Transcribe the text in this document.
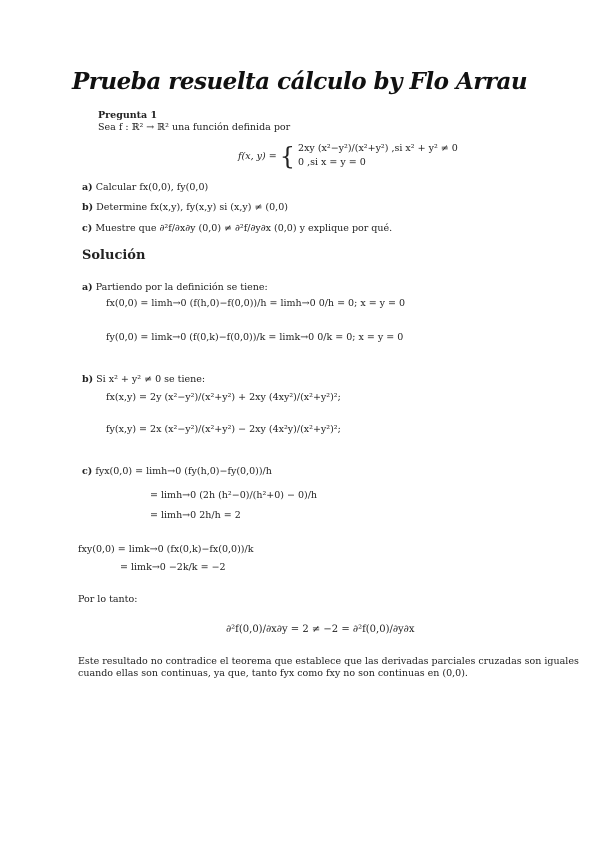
Prueba resuelta cálculo by Flo Arrau
Pregunta 1
Sea f : ℝ² → ℝ² una función definida por
f(x, y) = { 2xy (x²−y²)/(x²+y²) ,si x² + y² ≠ 0
0 ,si x = y = 0
a) Calcular fx(0,0), fy(0,0)
b) Determine fx(x,y), fy(x,y) si (x,y) ≠ (0,0)
c) Muestre que ∂²f/∂x∂y (0,0) ≠ ∂²f/∂y∂x (0,0) y explique por qué.
Solución
a) Partiendo por la definición se tiene:
fx(0,0) = limh→0 (f(h,0)−f(0,0))/h = limh→0 0/h = 0; x = y = 0
fy(0,0) = limk→0 (f(0,k)−f(0,0))/k = limk→0 0/k = 0; x = y = 0
b) Si x² + y² ≠ 0 se tiene:
fx(x,y) = 2y (x²−y²)/(x²+y²) + 2xy (4xy²)/(x²+y²)²;
fy(x,y) = 2x (x²−y²)/(x²+y²) − 2xy (4x²y)/(x²+y²)²;
c) fyx(0,0) = limh→0 (fy(h,0)−fy(0,0))/h
= limh→0 (2h (h²−0)/(h²+0) − 0)/h
= limh→0 2h/h = 2
fxy(0,0) = limk→0 (fx(0,k)−fx(0,0))/k
= limk→0 −2k/k = −2
Por lo tanto:
∂²f(0,0)/∂x∂y = 2 ≠ −2 = ∂²f(0,0)/∂y∂x
Este resultado no contradice el teorema que establece que las derivadas parciales cruzadas son iguales
cuando ellas son continuas, ya que, tanto fyx como fxy no son continuas en (0,0).
